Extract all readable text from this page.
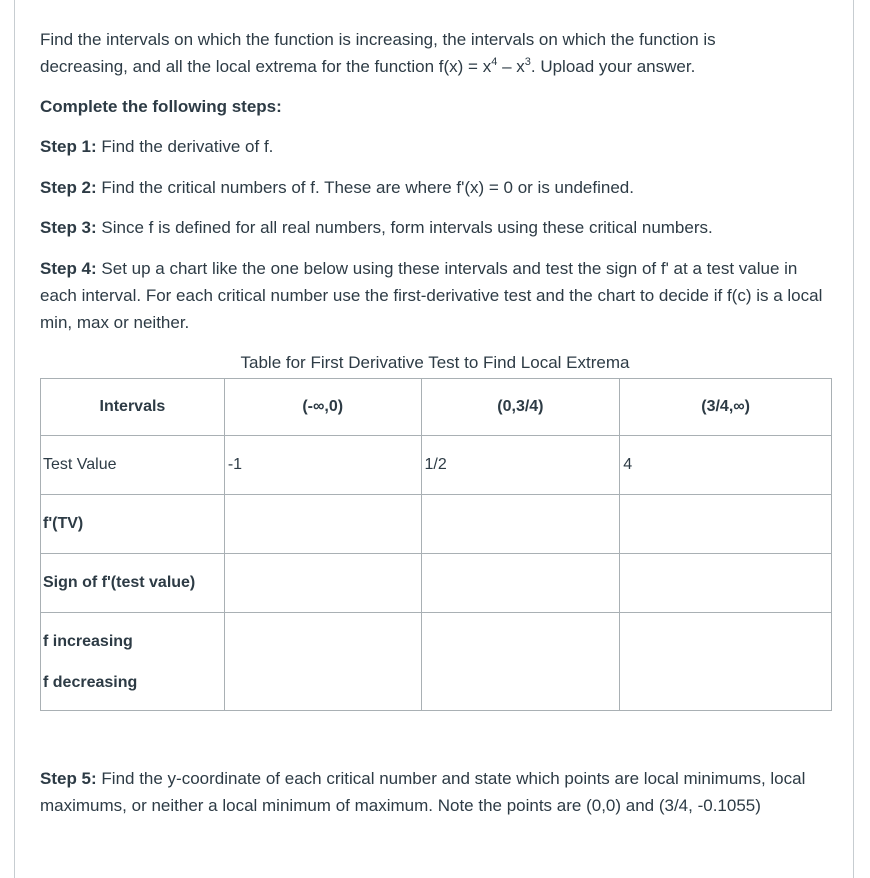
Find the intervals on which the function is increasing, the intervals on which the function is decreasing, and all the local extrema for the function $f(x) = x^4 - x^3$. Upload your answer.

Complete the following steps:

Step 1: Find the derivative of f.

Step 2: Find the critical numbers of f. These are where f'(x) = 0 or is undefined.

Step 3: Since f is defined for all real numbers, form intervals using these critical numbers.

Step 4: Set up a chart like the one below using these intervals and test the sign of f' at a test value in each interval. For each critical number use the first-derivative test and the chart to decide if f(c) is a local min, max or neither.

Table for First Derivative Test to Find Local Extrema

Step 5: Find the y-coordinate of each critical number and state which points are local minimums, local maximums, or neither a local minimum of maximum. Note the points are (0,0) and (3/4, -0.1055)

Intervals	(-∞,0)	(0,3/4)	(3/4,∞)
Test Value	-1	1/2	4
f'(TV)			
Sign of f'(test value)			

f increasing
f decreasing			
